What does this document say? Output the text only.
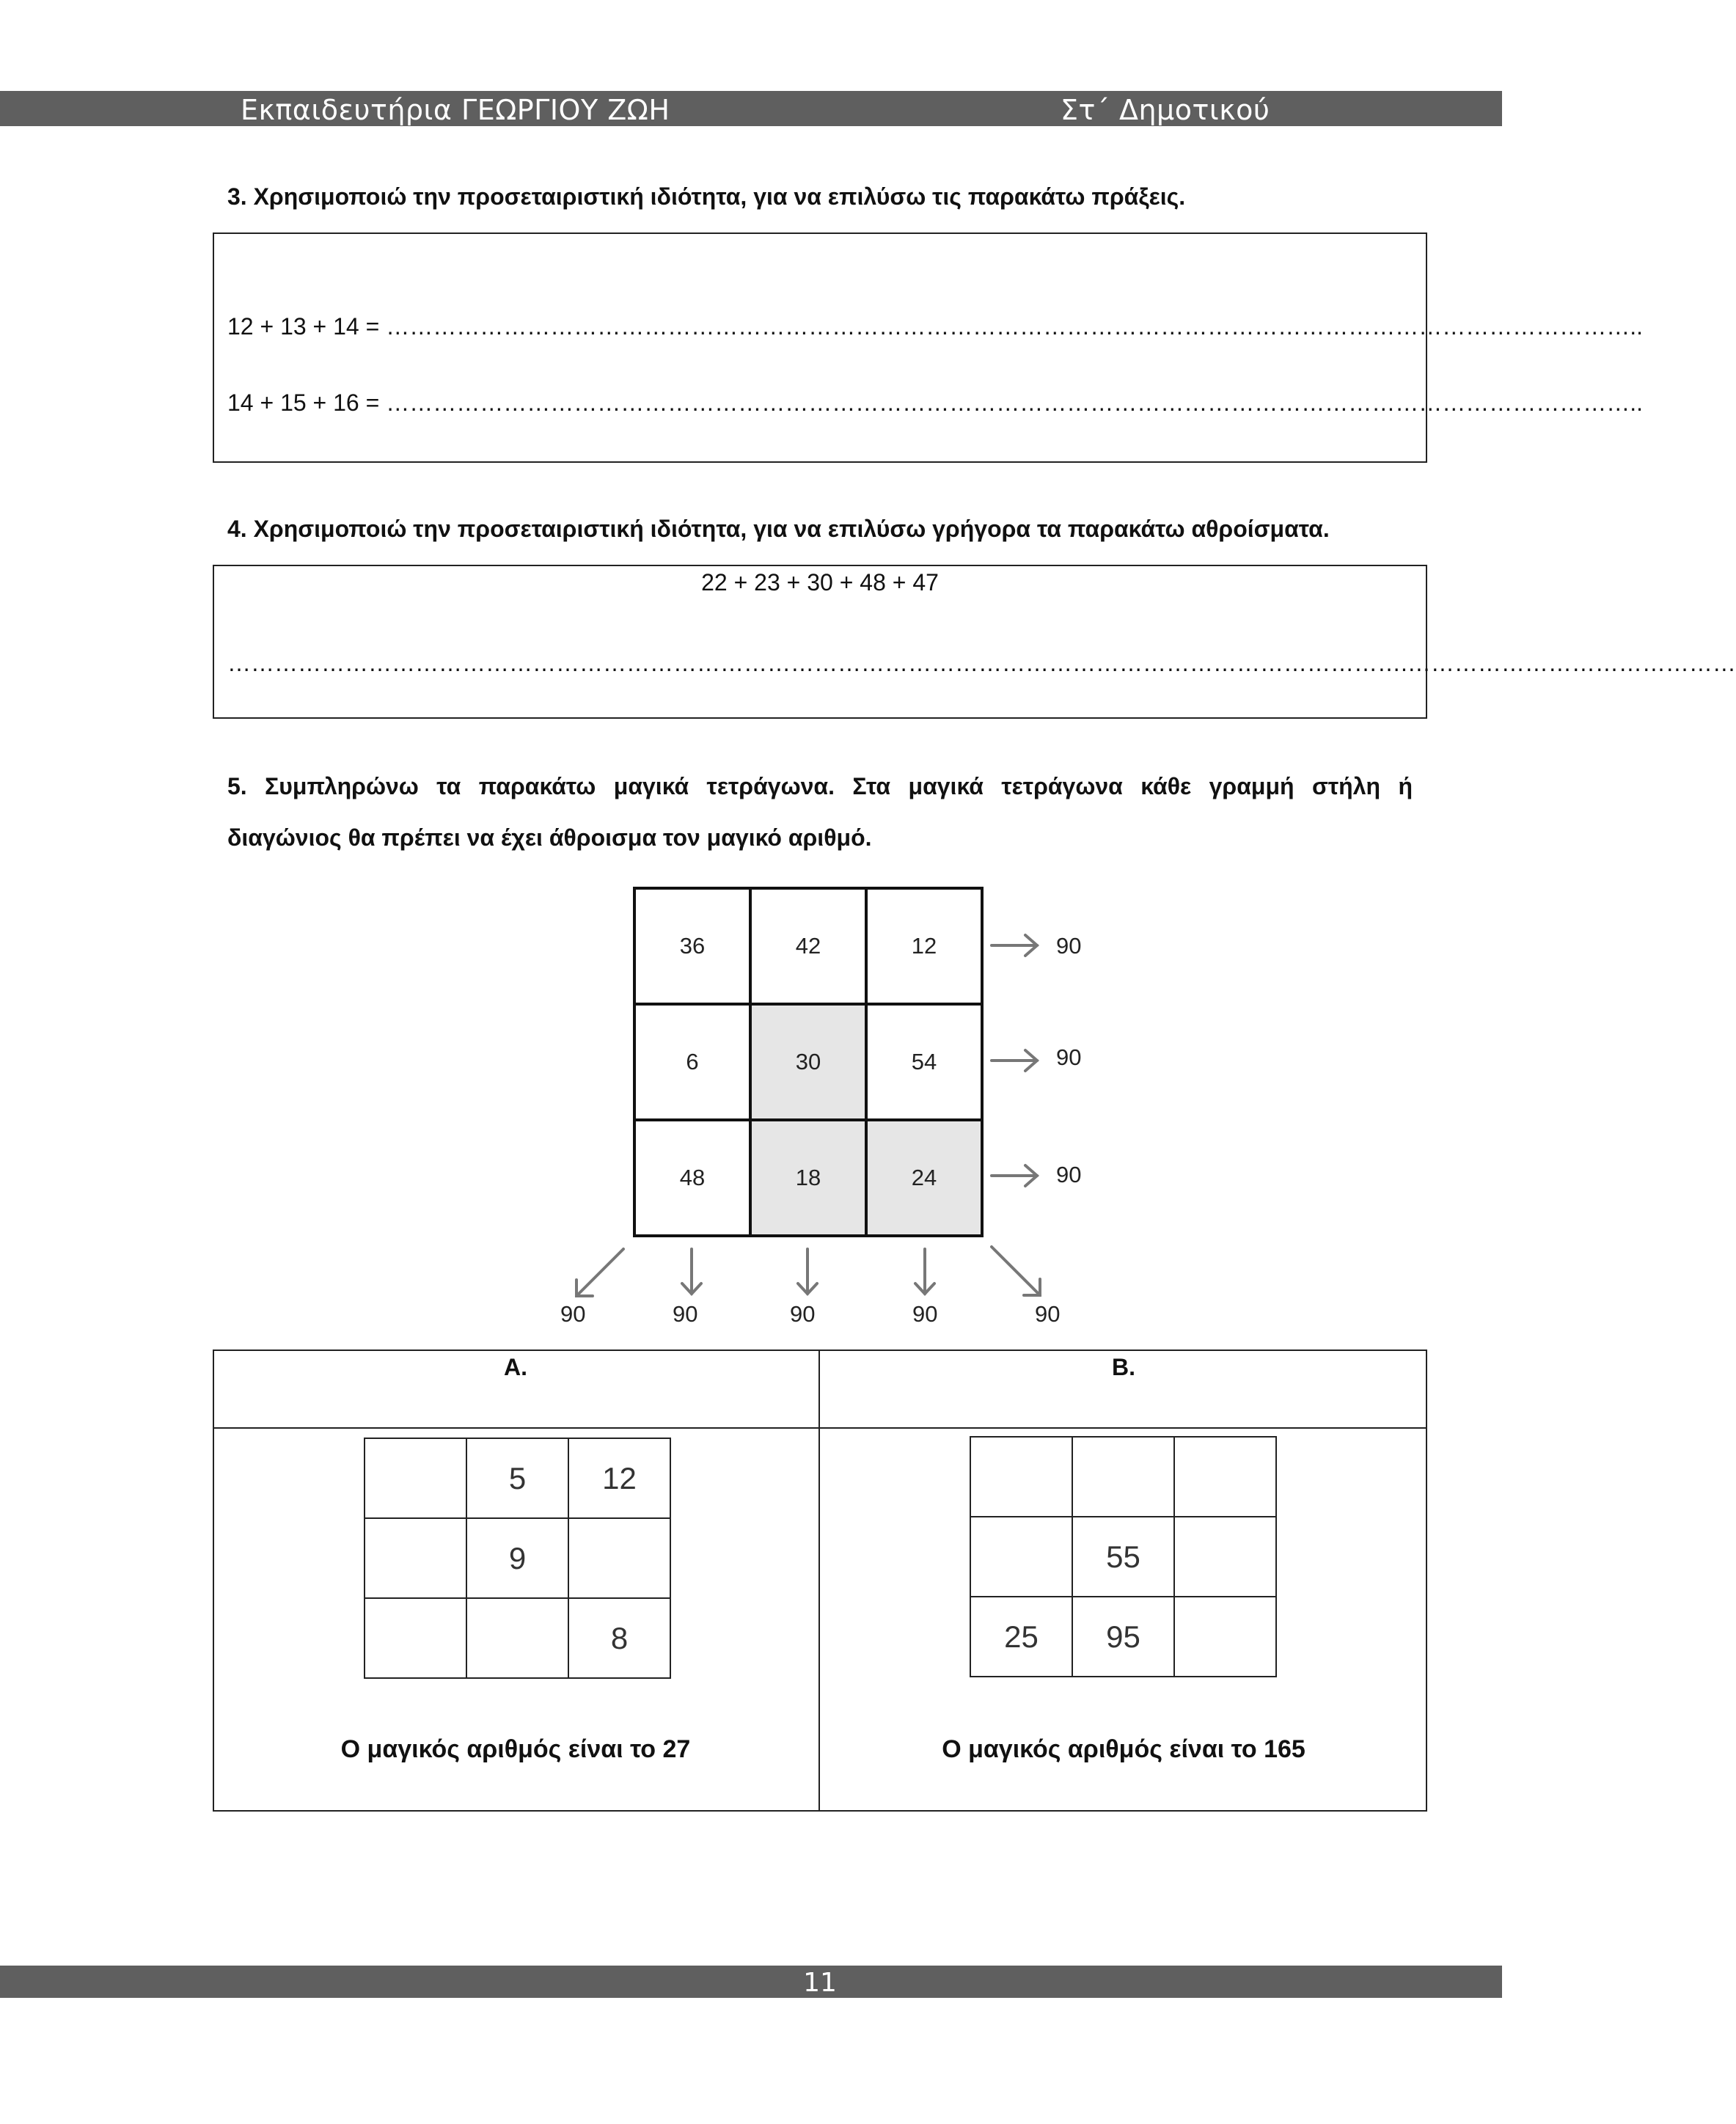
Εκπαιδευτήρια ΓΕΩΡΓΙΟΥ ΖΩΗ	Στ΄ Δημοτικού
3. Χρησιμοποιώ την προσεταιριστική ιδιότητα, για να επιλύσω τις παρακάτω πράξεις.
12 + 13 + 14 = ……………………………………………………………………………………………………………………………………………..
14 + 15 + 16 = ……………………………………………………………………………………………………………………………………………..
4. Χρησιμοποιώ την προσεταιριστική ιδιότητα, για να επιλύσω γρήγορα τα παρακάτω αθροίσματα.
22 + 23 + 30 + 48 + 47
…………………………………………………………………………………………………………………………………….……………………………………
5. Συμπληρώνω τα παρακάτω μαγικά τετράγωνα. Στα μαγικά τετράγωνα κάθε γραμμή στήλη ή
διαγώνιος θα πρέπει να έχει άθροισμα τον μαγικό αριθμό.
36	42	12
6	30	54
48	18	24
90
90
90
90	90	90	90	90
Α.	Β.
	5	12
	9	
		8

	55	
25	95	
Ο μαγικός αριθμός είναι το 27	Ο μαγικός αριθμός είναι το 165
11
